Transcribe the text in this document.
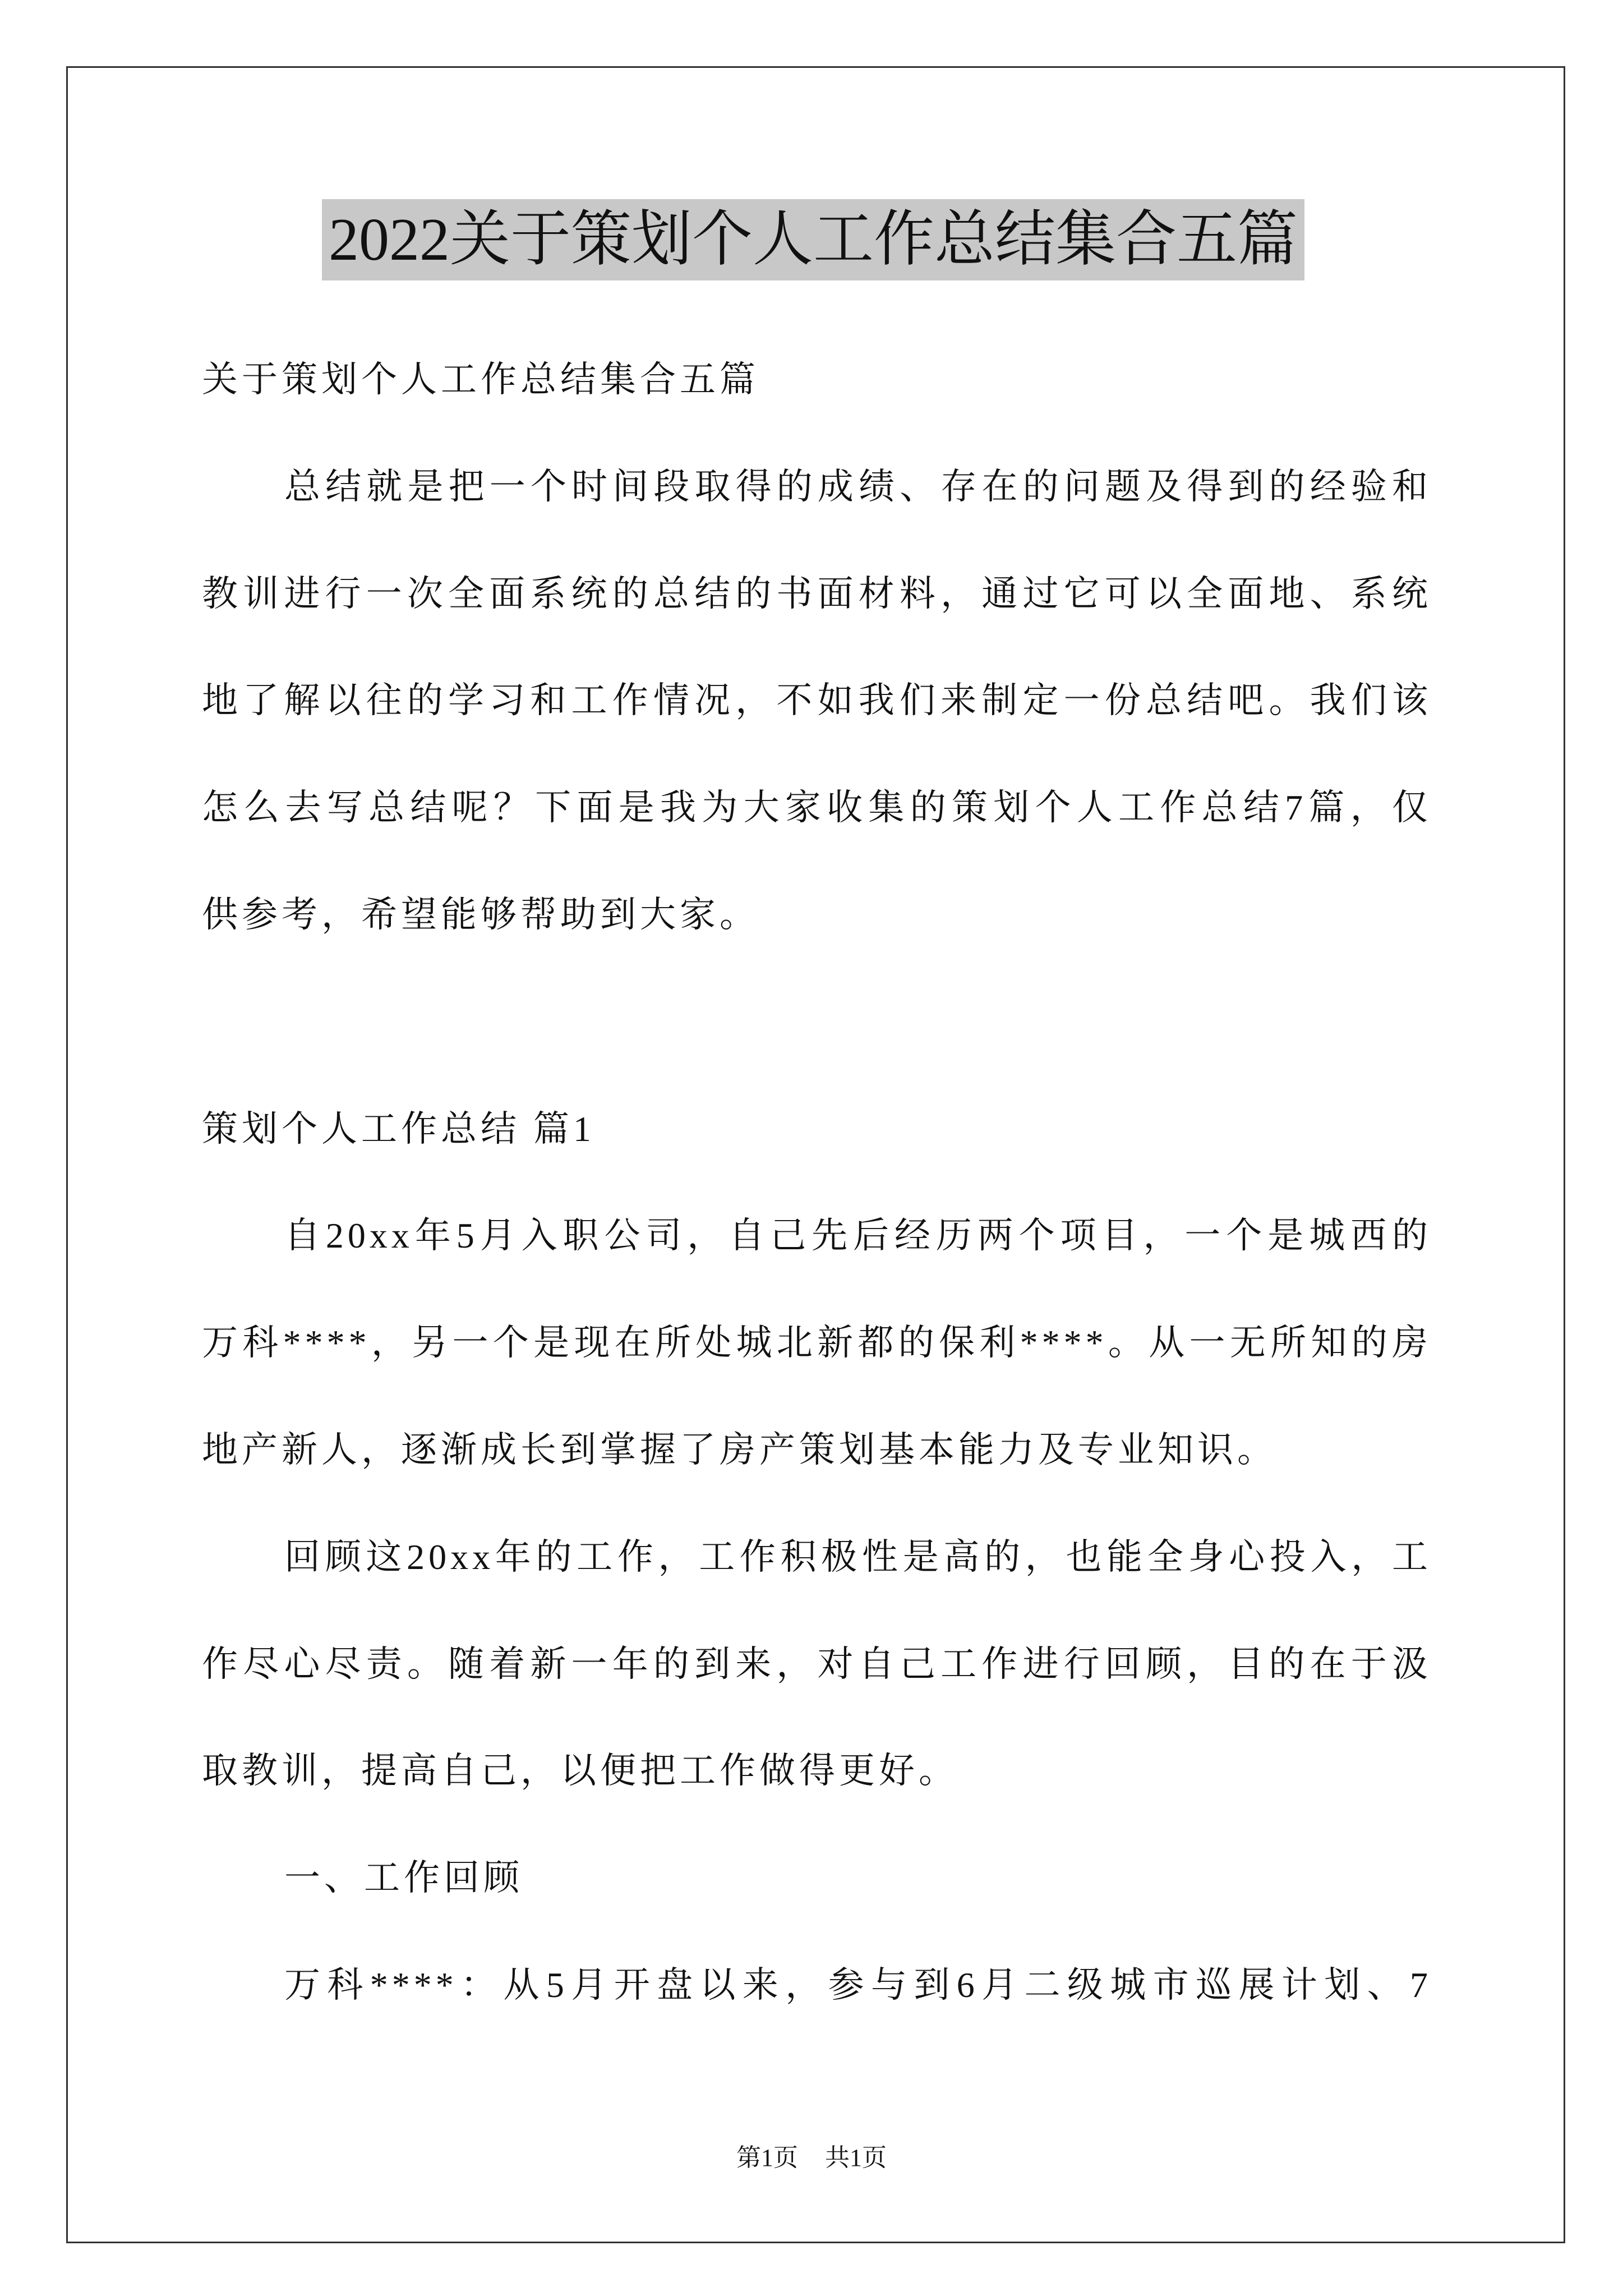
2022关于策划个人工作总结集合五篇
关于策划个人工作总结集合五篇
总结就是把一个时间段取得的成绩、存在的问题及得到的经验和
教训进行一次全面系统的总结的书面材料，通过它可以全面地、系统
地了解以往的学习和工作情况，不如我们来制定一份总结吧。我们该
怎么去写总结呢？下面是我为大家收集的策划个人工作总结7篇，仅
供参考，希望能够帮助到大家。
策划个人工作总结 篇1
自20xx年5月入职公司，自己先后经历两个项目，一个是城西的
万科****，另一个是现在所处城北新都的保利****。从一无所知的房
地产新人，逐渐成长到掌握了房产策划基本能力及专业知识。
回顾这20xx年的工作，工作积极性是高的，也能全身心投入，工
作尽心尽责。随着新一年的到来，对自己工作进行回顾，目的在于汲
取教训，提高自己，以便把工作做得更好。
一、工作回顾
万科****：从5月开盘以来，参与到6月二级城市巡展计划、7
第1页 共1页
